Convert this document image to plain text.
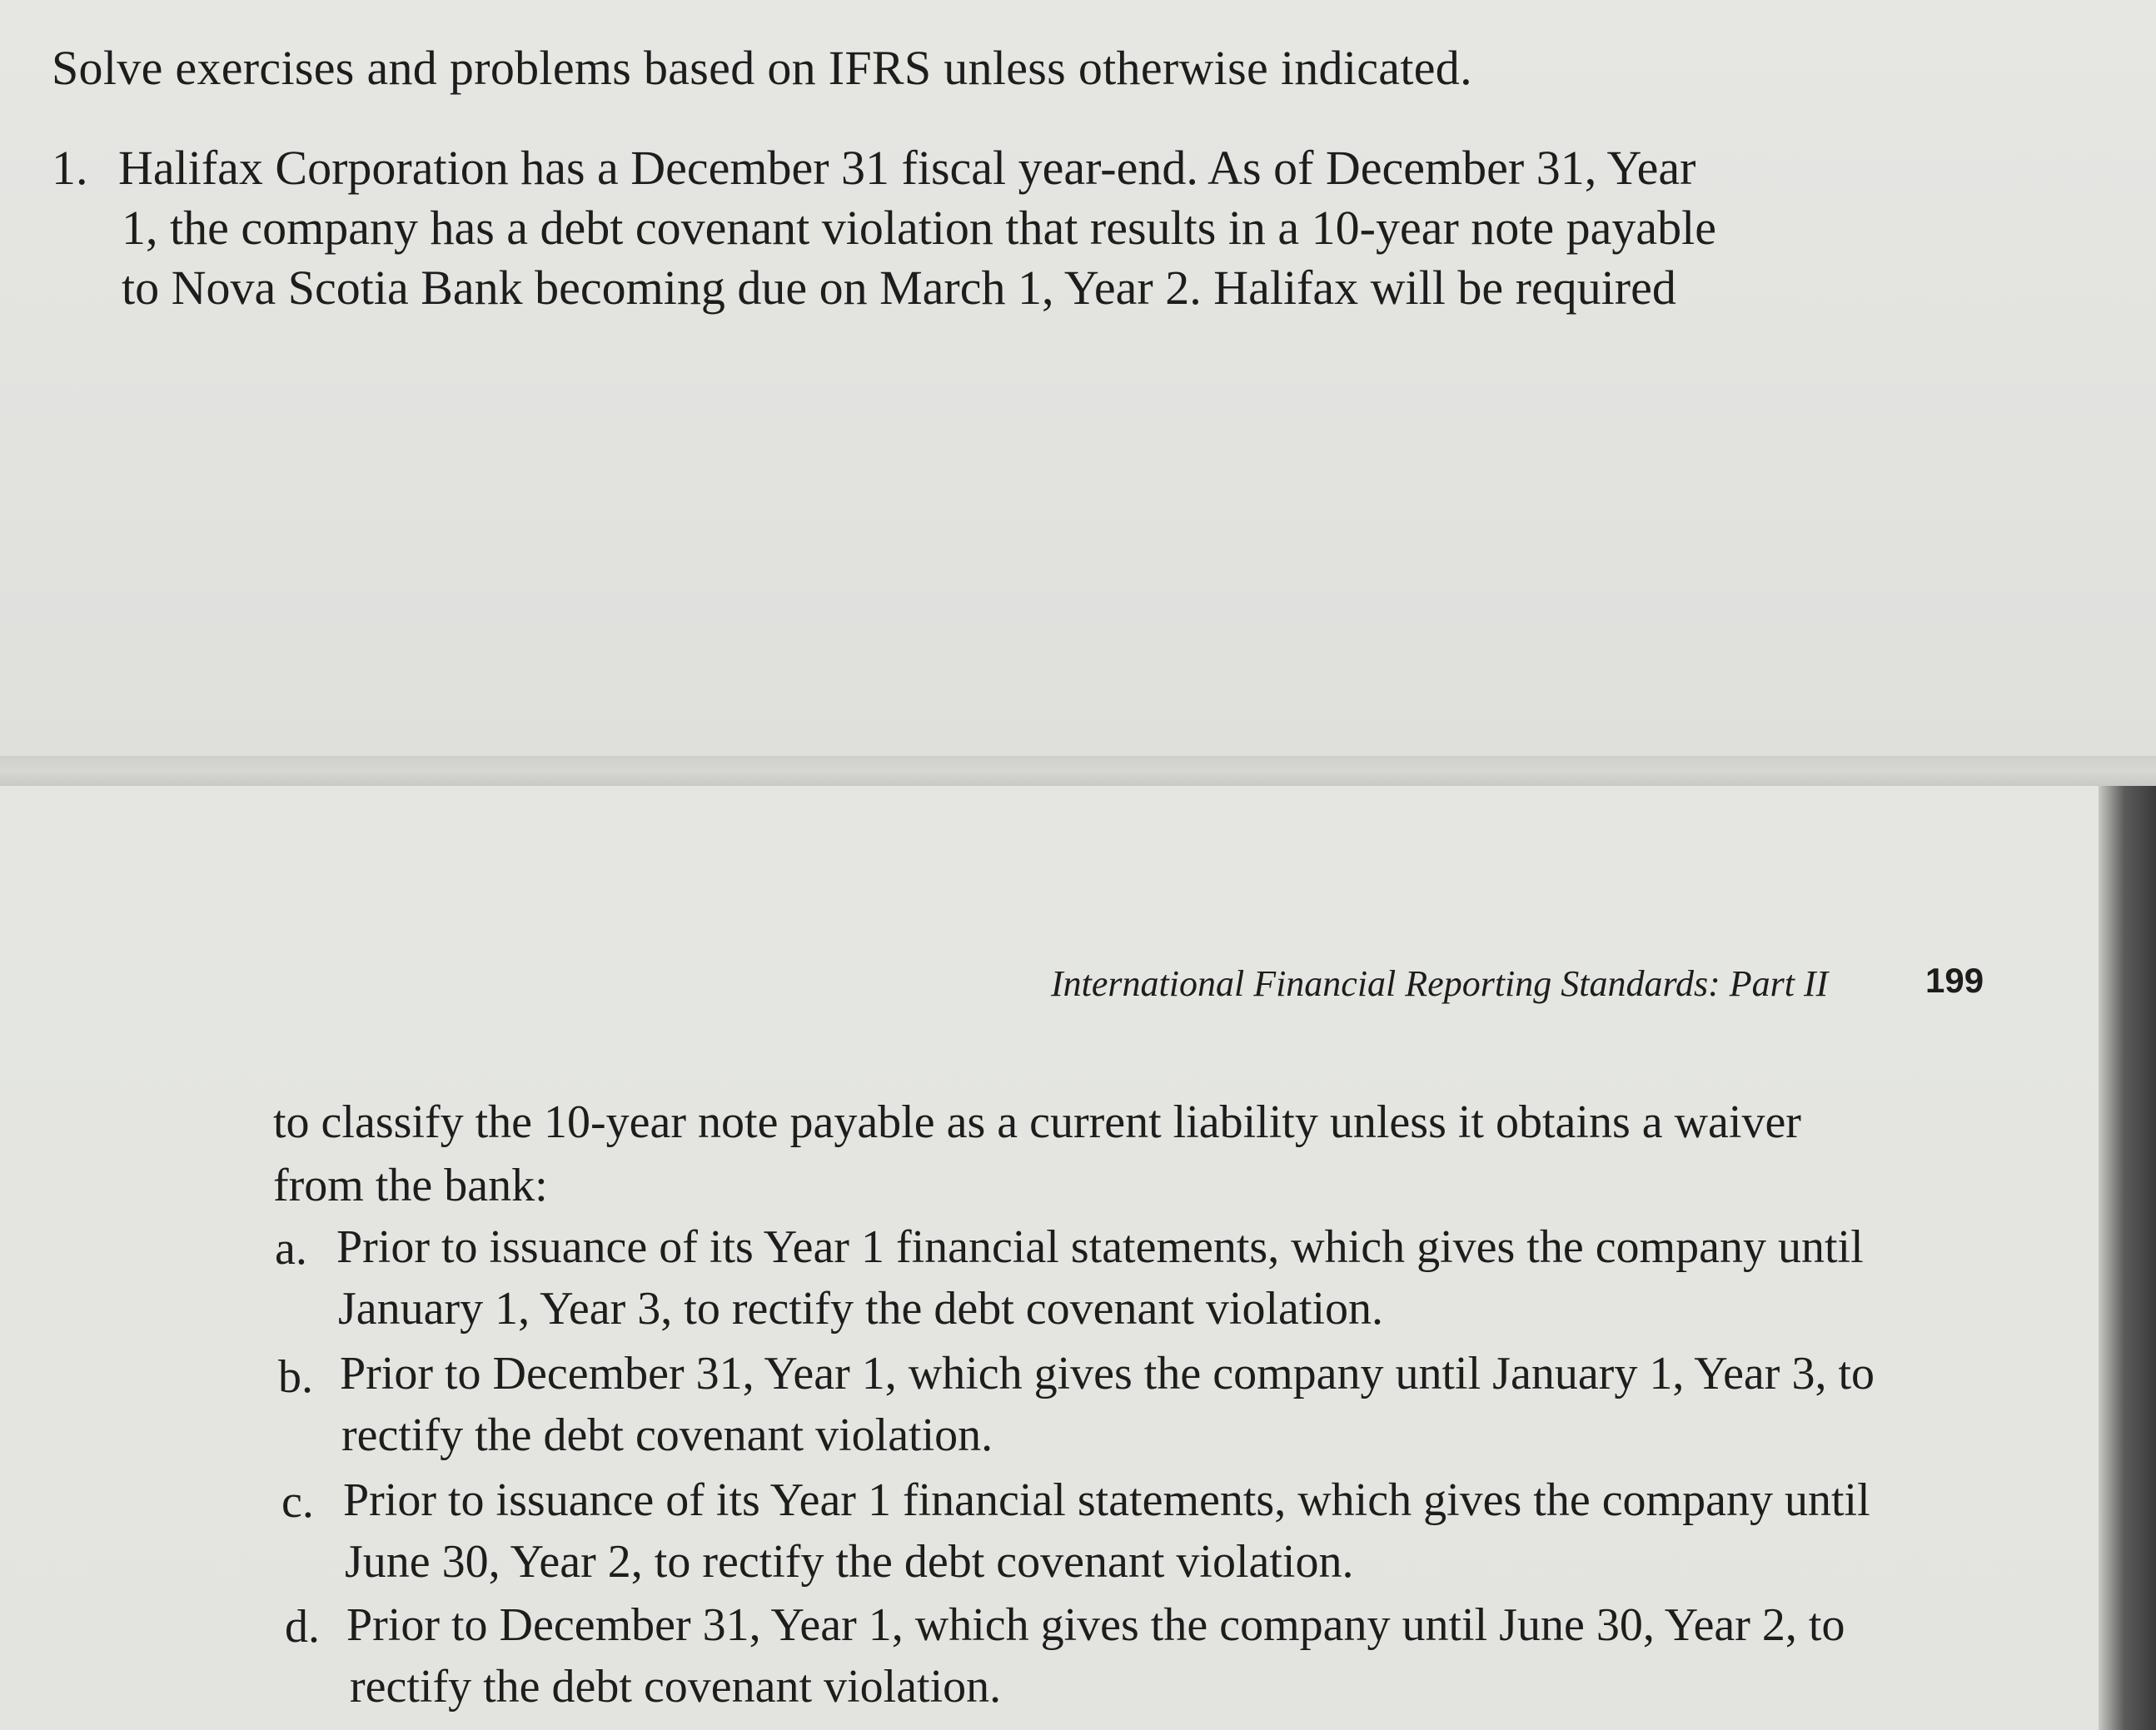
Solve exercises and problems based on IFRS unless otherwise indicated.
1. Halifax Corporation has a December 31 fiscal year-end. As of December 31, Year
1, the company has a debt covenant violation that results in a 10-year note payable
to Nova Scotia Bank becoming due on March 1, Year 2. Halifax will be required
International Financial Reporting Standards: Part II	199
to classify the 10-year note payable as a current liability unless it obtains a waiver
from the bank:
a. Prior to issuance of its Year 1 financial statements, which gives the company until
January 1, Year 3, to rectify the debt covenant violation.
b. Prior to December 31, Year 1, which gives the company until January 1, Year 3, to
rectify the debt covenant violation.
c. Prior to issuance of its Year 1 financial statements, which gives the company until
June 30, Year 2, to rectify the debt covenant violation.
d. Prior to December 31, Year 1, which gives the company until June 30, Year 2, to
rectify the debt covenant violation.
